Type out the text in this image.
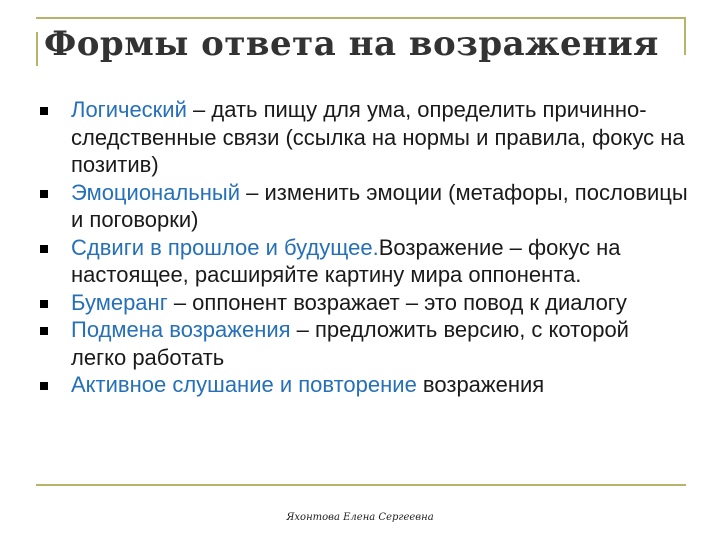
Формы ответа на возражения
Логический – дать пищу для ума, определить причинно-следственные связи (ссылка на нормы и правила, фокус на позитив)
Эмоциональный – изменить эмоции (метафоры, пословицы и поговорки)
Сдвиги в прошлое и будущее.Возражение – фокус на настоящее, расширяйте картину мира оппонента.
Бумеранг – оппонент возражает – это повод к диалогу
Подмена возражения – предложить версию, с которой легко работать
Активное слушание и повторение возражения
Яхонтова Елена Сергеевна
